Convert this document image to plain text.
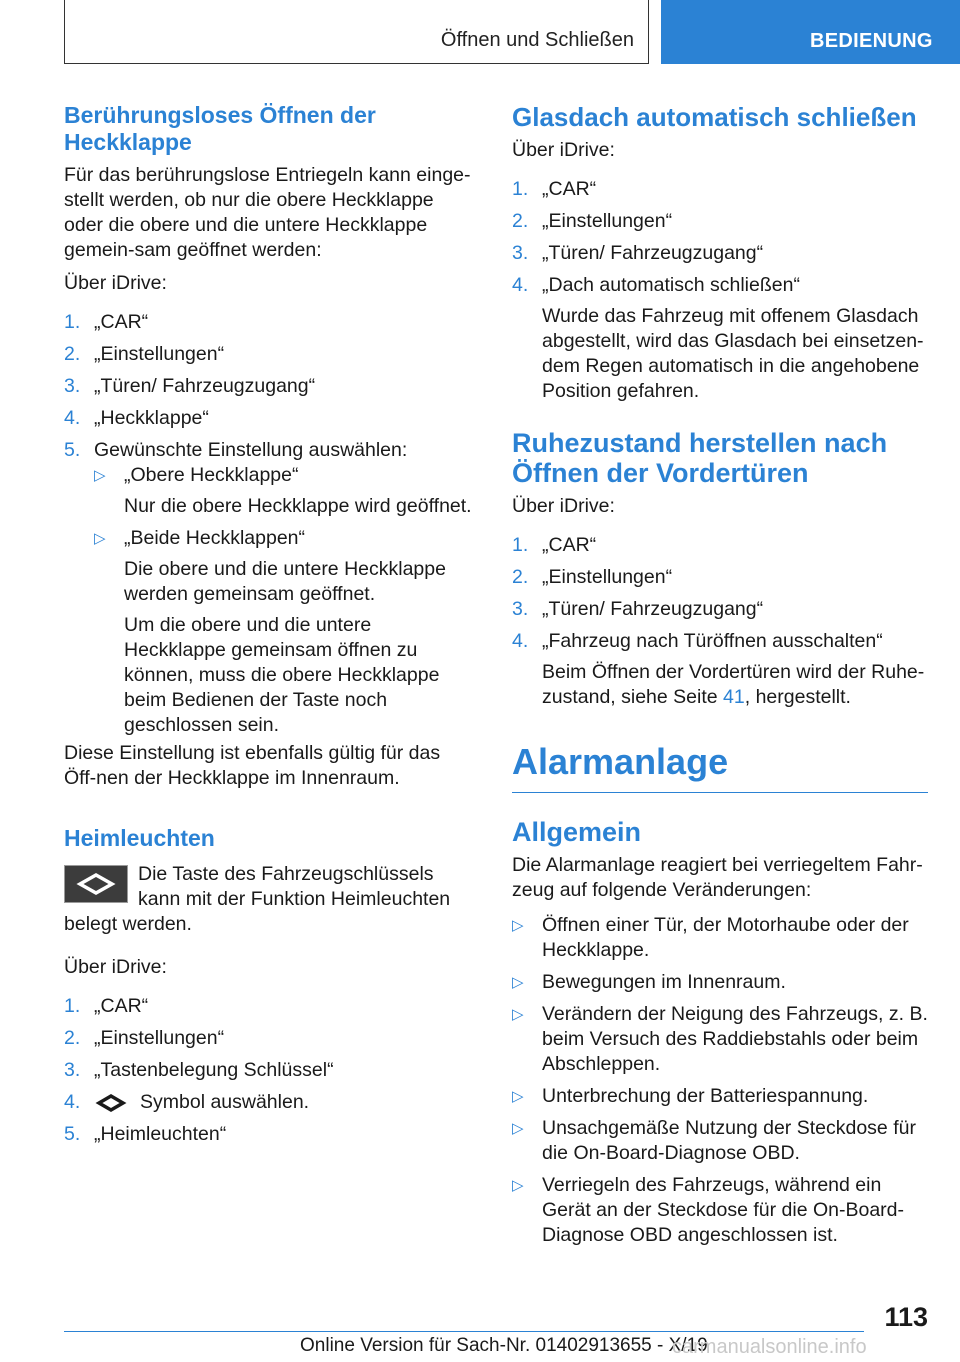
Öffnen und Schließen	BEDIENUNG
Berührungsloses Öffnen der Heckklappe

Für das berührungslose Entriegeln kann einge-stellt werden, ob nur die obere Heckklappe oder die obere und die untere Heckklappe gemein-sam geöffnet werden:

Über iDrive:

1. „CAR“
2. „Einstellungen“
3. „Türen/ Fahrzeugzugang“
4. „Heckklappe“
5. Gewünschte Einstellung auswählen:
▷ „Obere Heckklappe“

Nur die obere Heckklappe wird geöffnet.

▷ „Beide Heckklappen“

Die obere und die untere Heckklappe werden gemeinsam geöffnet.

Um die obere und die untere Heckklappe gemeinsam öffnen zu können, muss die obere Heckklappe beim Bedienen der Taste noch geschlossen sein.

Diese Einstellung ist ebenfalls gültig für das Öff-nen der Heckklappe im Innenraum.

Heimleuchten

Die Taste des Fahrzeugschlüssels kann mit der Funktion Heimleuchten belegt werden.

Über iDrive:

1. „CAR“
2. „Einstellungen“
3. „Tastenbelegung Schlüssel“
4.	Symbol auswählen.
5. „Heimleuchten“
Glasdach automatisch schließen

Über iDrive:

1. „CAR“
2. „Einstellungen“
3. „Türen/ Fahrzeugzugang“
4. „Dach automatisch schließen“

Wurde das Fahrzeug mit offenem Glasdach abgestellt, wird das Glasdach bei einsetzen-dem Regen automatisch in die angehobene Position gefahren.

Ruhezustand herstellen nach Öffnen der Vordertüren

Über iDrive:

1. „CAR“
2. „Einstellungen“
3. „Türen/ Fahrzeugzugang“
4. „Fahrzeug nach Türöffnen ausschalten“

Beim Öffnen der Vordertüren wird der Ruhe-zustand, siehe Seite 41, hergestellt.

Alarmanlage
Allgemein

Die Alarmanlage reagiert bei verriegeltem Fahr-zeug auf folgende Veränderungen:

▷ Öffnen einer Tür, der Motorhaube oder der Heckklappe.
▷ Bewegungen im Innenraum.
▷ Verändern der Neigung des Fahrzeugs, z. B. beim Versuch des Raddiebstahls oder beim Abschleppen.
▷ Unterbrechung der Batteriespannung.
▷ Unsachgemäße Nutzung der Steckdose für die On-Board-Diagnose OBD.
▷ Verriegeln des Fahrzeugs, während ein Gerät an der Steckdose für die On-Board-Diagnose OBD angeschlossen ist.
113
Online Version für Sach-Nr. 01402913655 - X/19
carmanualsonline.info
